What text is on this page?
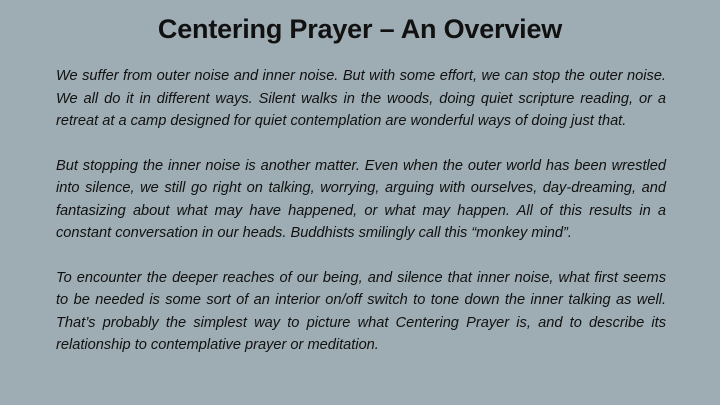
Centering Prayer – An Overview

We suffer from outer noise and inner noise. But with some effort, we can stop the outer noise. We all do it in different ways. Silent walks in the woods, doing quiet scripture reading, or a retreat at a camp designed for quiet contemplation are wonderful ways of doing just that.

But stopping the inner noise is another matter. Even when the outer world has been wrestled into silence, we still go right on talking, worrying, arguing with ourselves, day-dreaming, and fantasizing about what may have happened, or what may happen. All of this results in a constant conversation in our heads. Buddhists smilingly call this “monkey mind”.

To encounter the deeper reaches of our being, and silence that inner noise, what first seems to be needed is some sort of an interior on/off switch to tone down the inner talking as well. That’s probably the simplest way to picture what Centering Prayer is, and to describe its relationship to contemplative prayer or meditation.
